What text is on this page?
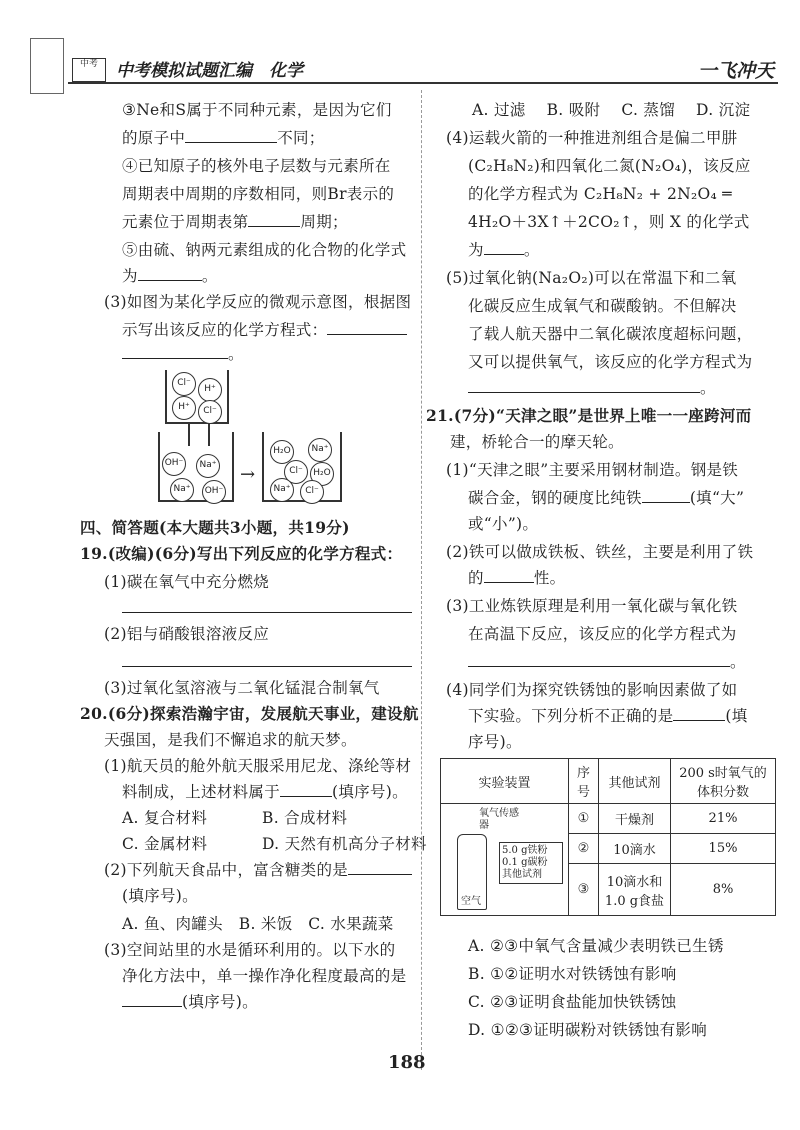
中考	中考模拟试题汇编　化学	一飞冲天
③Ne和S属于不同种元素，是因为它们
的原子中	不同；
④已知原子的核外电子层数与元素所在
周期表中周期的序数相同，则Br表示的
元素位于周期表第	周期；
⑤由硫、钠两元素组成的化合物的化学式
为	。
(3)如图为某化学反应的微观示意图，根据图
示写出该反应的化学方程式：
。
Cl⁻
H⁺
H⁺	Cl⁻
OH⁻	Na⁺
Na⁺	OH⁻
→
H₂O	Na⁺
Cl⁻	H₂O
Na⁺	Cl⁻
四、简答题(本大题共3小题，共19分)
19.(改编)(6分)写出下列反应的化学方程式：
(1)碳在氧气中充分燃烧
(2)铝与硝酸银溶液反应
(3)过氧化氢溶液与二氧化锰混合制氧气
20.(6分)探索浩瀚宇宙，发展航天事业，建设航
天强国，是我们不懈追求的航天梦。
(1)航天员的舱外航天服采用尼龙、涤纶等材
料制成，上述材料属于	(填序号)。
A. 复合材料	B. 合成材料
C. 金属材料	D. 天然有机高分子材料
(2)下列航天食品中，富含糖类的是
(填序号)。
A. 鱼、肉罐头　B. 米饭　C. 水果蔬菜
(3)空间站里的水是循环利用的。以下水的
净化方法中，单一操作净化程度最高的是
(填序号)。
A. 过滤　 B. 吸附　 C. 蒸馏　 D. 沉淀
(4)运载火箭的一种推进剂组合是偏二甲肼
(C₂H₈N₂)和四氧化二氮(N₂O₄)，该反应
的化学方程式为 C₂H₈N₂ + 2N₂O₄ ═
4H₂O＋3X↑＋2CO₂↑，则 X 的化学式
为	。
(5)过氧化钠(Na₂O₂)可以在常温下和二氧
化碳反应生成氧气和碳酸钠。不但解决
了载人航天器中二氧化碳浓度超标问题，
又可以提供氧气，该反应的化学方程式为
。
21.(7分)“天津之眼”是世界上唯一一座跨河而
建，桥轮合一的摩天轮。
(1)“天津之眼”主要采用钢材制造。钢是铁
碳合金，钢的硬度比纯铁	(填“大”
或“小”)。
(2)铁可以做成铁板、铁丝，主要是利用了铁
的	性。
(3)工业炼铁原理是利用一氧化碳与氧化铁
在高温下反应，该反应的化学方程式为
。
(4)同学们为探究铁锈蚀的影响因素做了如
下实验。下列分析不正确的是	(填
序号)。
实验装置	序号	其他试剂	200 s时氧气的体积分数

氧气传感器
空气
5.0 g铁粉 0.1 g碳粉 其他试剂	①	干燥剂	21%
	②	10滴水	15%
	③	10滴水和1.0 g食盐	8%
A. ②③中氧气含量减少表明铁已生锈
B. ①②证明水对铁锈蚀有影响
C. ②③证明食盐能加快铁锈蚀
D. ①②③证明碳粉对铁锈蚀有影响
188
